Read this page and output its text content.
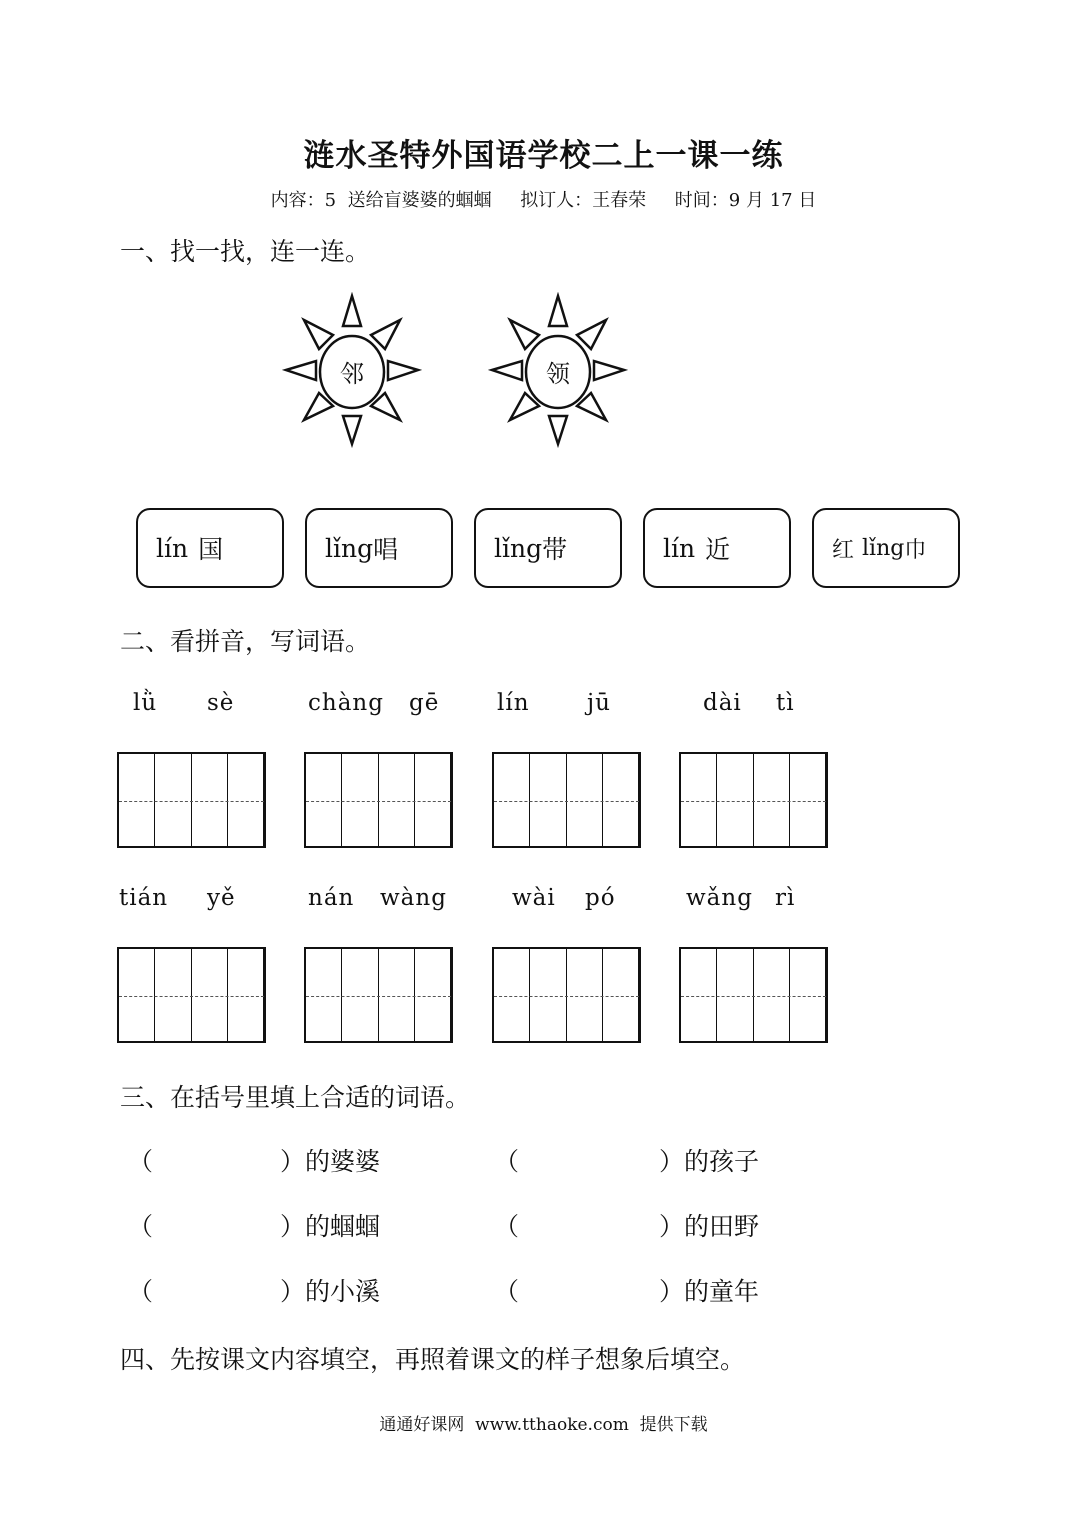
涟水圣特外国语学校二上一课一练
内容：5 送给盲婆婆的蝈蝈 拟订人：王春荣 时间：9 月 17 日
一、找一找，连一连。
邻	领
lín 国	lǐng 唱	lǐng 带	lín 近	红 lǐng 巾
二、看拼音，写词语。
lǜ sè	chàng gē	lín jū	dài tì
tián yě	nán wàng	wài pó	wǎng rì
三、在括号里填上合适的词语。
（	）的婆婆	（	）的孩子
（	）的蝈蝈	（	）的田野
（	）的小溪	（	）的童年
四、先按课文内容填空，再照着课文的样子想象后填空。
通通好课网  www.tthaoke.com  提供下载
